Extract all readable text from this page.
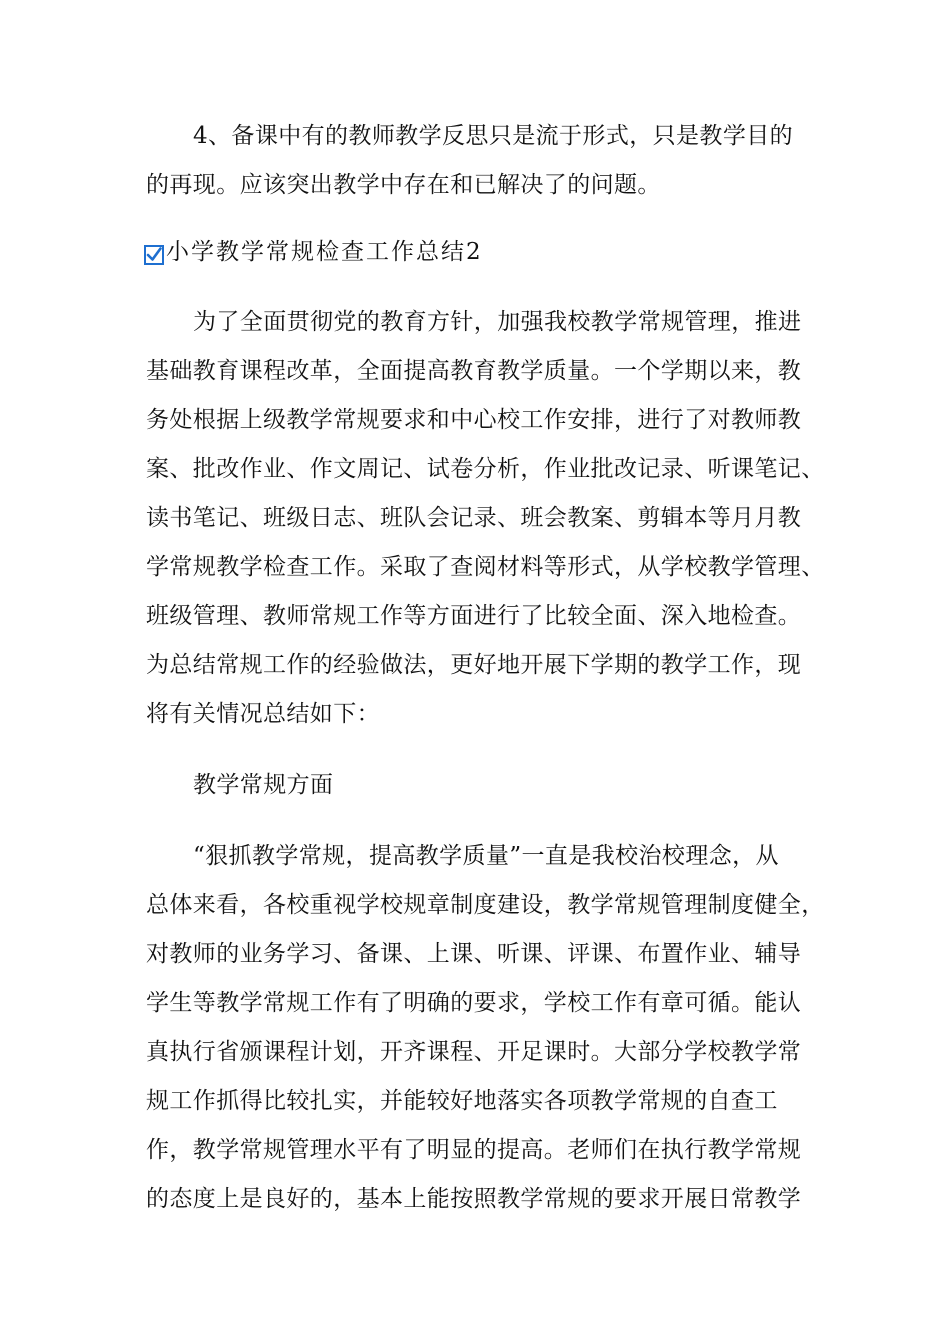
4、备课中有的教师教学反思只是流于形式，只是教学目的
的再现。应该突出教学中存在和已解决了的问题。
小学教学常规检查工作总结2
为了全面贯彻党的教育方针，加强我校教学常规管理，推进
基础教育课程改革，全面提高教育教学质量。一个学期以来，教
务处根据上级教学常规要求和中心校工作安排，进行了对教师教
案、批改作业、作文周记、试卷分析，作业批改记录、听课笔记、
读书笔记、班级日志、班队会记录、班会教案、剪辑本等月月教
学常规教学检查工作。采取了查阅材料等形式，从学校教学管理、
班级管理、教师常规工作等方面进行了比较全面、深入地检查。
为总结常规工作的经验做法，更好地开展下学期的教学工作，现
将有关情况总结如下：
教学常规方面
“狠抓教学常规，提高教学质量”一直是我校治校理念，从
总体来看，各校重视学校规章制度建设，教学常规管理制度健全，
对教师的业务学习、备课、上课、听课、评课、布置作业、辅导
学生等教学常规工作有了明确的要求，学校工作有章可循。能认
真执行省颁课程计划，开齐课程、开足课时。大部分学校教学常
规工作抓得比较扎实，并能较好地落实各项教学常规的自查工
作，教学常规管理水平有了明显的提高。老师们在执行教学常规
的态度上是良好的，基本上能按照教学常规的要求开展日常教学
